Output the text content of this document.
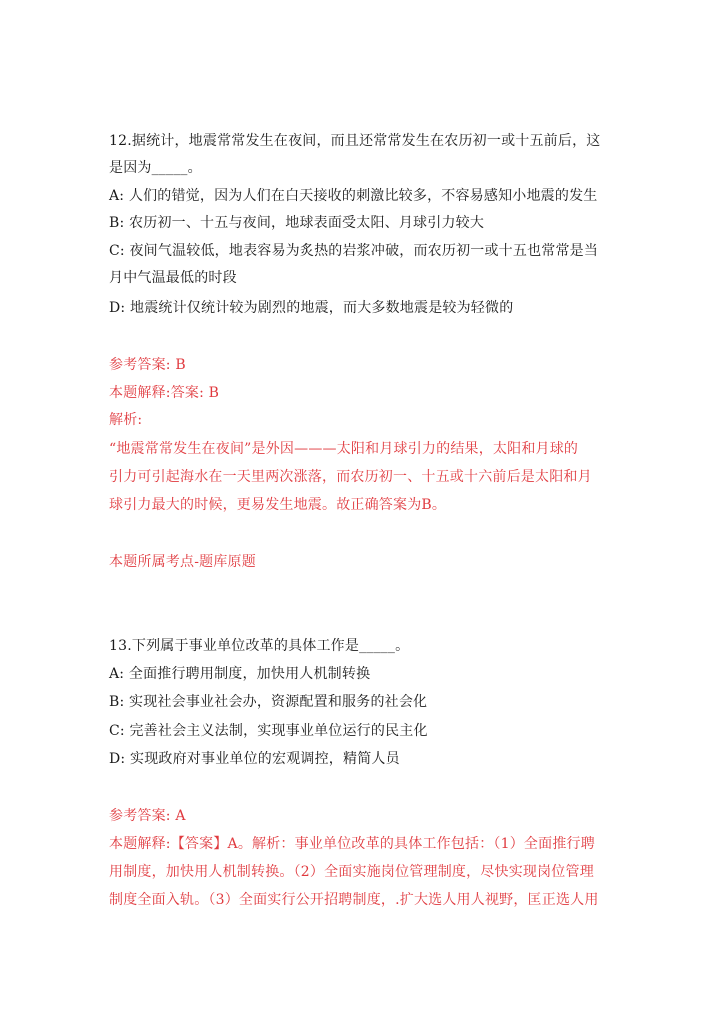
12.据统计，地震常常发生在夜间，而且还常常发生在农历初一或十五前后，这
是因为_____。
A: 人们的错觉，因为人们在白天接收的刺激比较多，不容易感知小地震的发生
B: 农历初一、十五与夜间，地球表面受太阳、月球引力较大
C: 夜间气温较低，地表容易为炙热的岩浆冲破，而农历初一或十五也常常是当
月中气温最低的时段
D: 地震统计仅统计较为剧烈的地震，而大多数地震是较为轻微的
参考答案: B
本题解释:答案: B
解析:
“地震常常发生在夜间”是外因———太阳和月球引力的结果，太阳和月球的
引力可引起海水在一天里两次涨落，而农历初一、十五或十六前后是太阳和月
球引力最大的时候，更易发生地震。故正确答案为B。
本题所属考点-题库原题
13.下列属于事业单位改革的具体工作是_____。
A: 全面推行聘用制度，加快用人机制转换
B: 实现社会事业社会办，资源配置和服务的社会化
C: 完善社会主义法制，实现事业单位运行的民主化
D: 实现政府对事业单位的宏观调控，精简人员
参考答案: A
本题解释:【答案】A。解析：事业单位改革的具体工作包括：（1）全面推行聘
用制度，加快用人机制转换。（2）全面实施岗位管理制度，尽快实现岗位管理
制度全面入轨。（3）全面实行公开招聘制度，.扩大选人用人视野，匡正选人用
